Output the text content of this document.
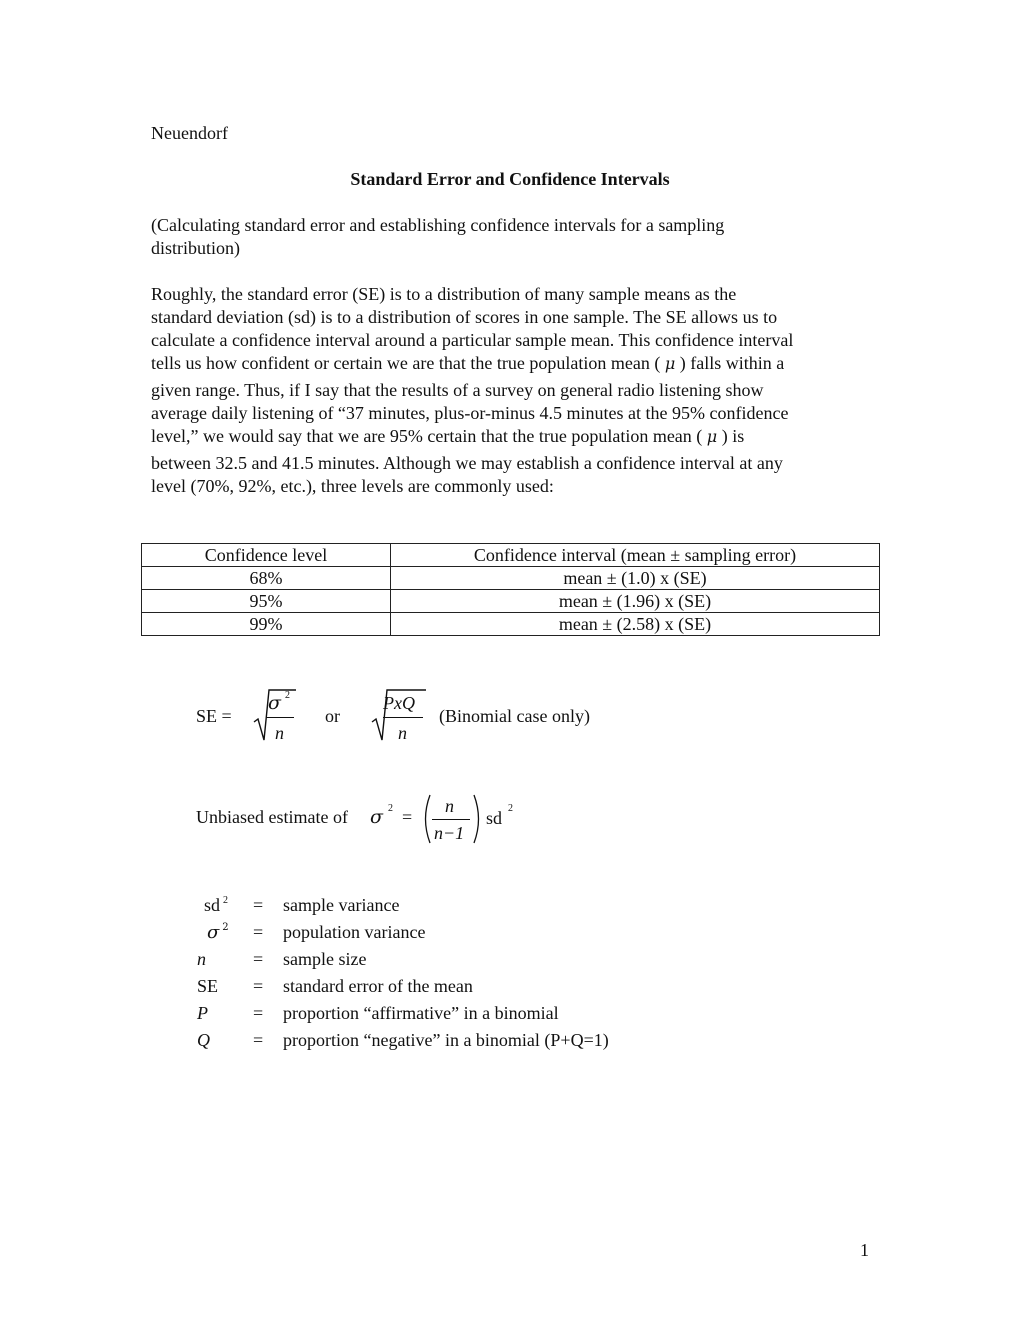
Neuendorf
Standard Error and Confidence Intervals
(Calculating standard error and establishing confidence intervals for a sampling
distribution)
Roughly, the standard error (SE) is to a distribution of many sample means as the
standard deviation (sd) is to a distribution of scores in one sample. The SE allows us to
calculate a confidence interval around a particular sample mean. This confidence interval
tells us how confident or certain we are that the true population mean ( μ ) falls within a
given range. Thus, if I say that the results of a survey on general radio listening show
average daily listening of “37 minutes, plus-or-minus 4.5 minutes at the 95% confidence
level,” we would say that we are 95% certain that the true population mean ( μ ) is
between 32.5 and 41.5 minutes. Although we may establish a confidence interval at any
level (70%, 92%, etc.), three levels are commonly used:
Confidence level	Confidence interval (mean ± sampling error)
68%	mean ± (1.0) x (SE)
95%	mean ± (1.96) x (SE)
99%	mean ± (2.58) x (SE)
SE =
σ 2
n
or
PxQ
n
(Binomial case only)
Unbiased estimate of σ 2 =
n
n−1
sd 2
sd $^2$	= sample variance
σ $^2$	= population variance
n	= sample size
SE	= standard error of the mean
P	= proportion “affirmative” in a binomial
Q	= proportion “negative” in a binomial (P+Q=1)
1
